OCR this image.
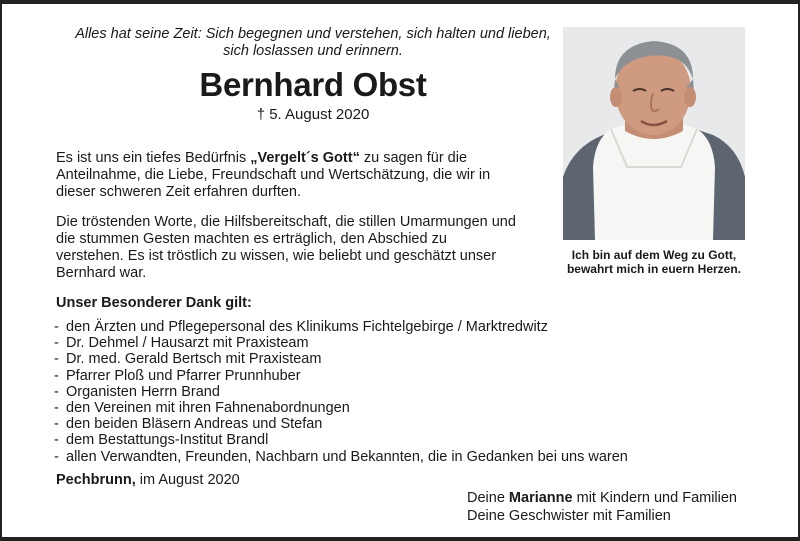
Alles hat seine Zeit: Sich begegnen und verstehen, sich halten und lieben,
sich loslassen und erinnern.
Bernhard Obst
† 5. August 2020
Es ist uns ein tiefes Bedürfnis „Vergelt´s Gott“ zu sagen für die Anteilnahme, die Liebe, Freundschaft und Wertschätzung, die wir in dieser schweren Zeit erfahren durften.
Die tröstenden Worte, die Hilfsbereitschaft, die stillen Umarmungen und die stummen Gesten machten es erträglich, den Abschied zu verstehen. Es ist tröstlich zu wissen, wie beliebt und geschätzt unser Bernhard war.
Unser Besonderer Dank gilt:
- den Ärzten und Pflegepersonal des Klinikums Fichtelgebirge / Marktredwitz
- Dr. Dehmel / Hausarzt mit Praxisteam
- Dr. med. Gerald Bertsch mit Praxisteam
- Pfarrer Ploß und Pfarrer Prunnhuber
- Organisten Herrn Brand
- den Vereinen mit ihren Fahnenabordnungen
- den beiden Bläsern Andreas und Stefan
- dem Bestattungs-Institut Brandl
- allen Verwandten, Freunden, Nachbarn und Bekannten, die in Gedanken bei uns waren
Pechbrunn, im August 2020
Deine Marianne mit Kindern und Familien
Deine Geschwister mit Familien
Ich bin auf dem Weg zu Gott,
bewahrt mich in euern Herzen.
